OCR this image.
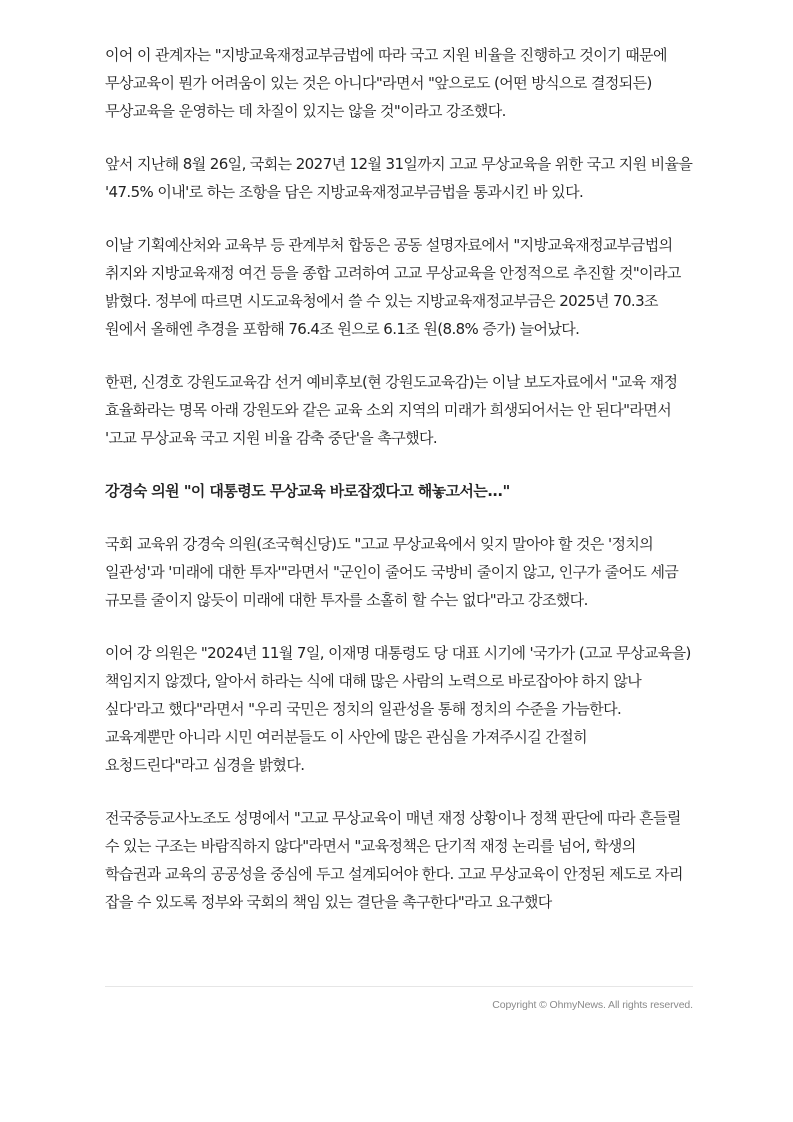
이어 이 관계자는 "지방교육재정교부금법에 따라 국고 지원 비율을 진행하고 것이기 때문에 무상교육이 뭔가 어려움이 있는 것은 아니다"라면서 "앞으로도 (어떤 방식으로 결정되든) 무상교육을 운영하는 데 차질이 있지는 않을 것"이라고 강조했다.

앞서 지난해 8월 26일, 국회는 2027년 12월 31일까지 고교 무상교육을 위한 국고 지원 비율을 '47.5% 이내'로 하는 조항을 담은 지방교육재정교부금법을 통과시킨 바 있다.

이날 기획예산처와 교육부 등 관계부처 합동은 공동 설명자료에서 "지방교육재정교부금법의 취지와 지방교육재정 여건 등을 종합 고려하여 고교 무상교육을 안정적으로 추진할 것"이라고 밝혔다. 정부에 따르면 시도교육청에서 쓸 수 있는 지방교육재정교부금은 2025년 70.3조 원에서 올해엔 추경을 포함해 76.4조 원으로 6.1조 원(8.8% 증가) 늘어났다.

한편, 신경호 강원도교육감 선거 예비후보(현 강원도교육감)는 이날 보도자료에서 "교육 재정 효율화라는 명목 아래 강원도와 같은 교육 소외 지역의 미래가 희생되어서는 안 된다"라면서 '고교 무상교육 국고 지원 비율 감축 중단'을 촉구했다.

강경숙 의원 "이 대통령도 무상교육 바로잡겠다고 해놓고서는..."

국회 교육위 강경숙 의원(조국혁신당)도 "고교 무상교육에서 잊지 말아야 할 것은 '정치의 일관성'과 '미래에 대한 투자'"라면서 "군인이 줄어도 국방비 줄이지 않고, 인구가 줄어도 세금 규모를 줄이지 않듯이 미래에 대한 투자를 소홀히 할 수는 없다"라고 강조했다.

이어 강 의원은 "2024년 11월 7일, 이재명 대통령도 당 대표 시기에 '국가가 (고교 무상교육을) 책임지지 않겠다, 알아서 하라는 식에 대해 많은 사람의 노력으로 바로잡아야 하지 않나 싶다'라고 했다"라면서 "우리 국민은 정치의 일관성을 통해 정치의 수준을 가늠한다. 교육계뿐만 아니라 시민 여러분들도 이 사안에 많은 관심을 가져주시길 간절히 요청드린다"라고 심경을 밝혔다.

전국중등교사노조도 성명에서 "고교 무상교육이 매년 재정 상황이나 정책 판단에 따라 흔들릴 수 있는 구조는 바람직하지 않다"라면서 "교육정책은 단기적 재정 논리를 넘어, 학생의 학습권과 교육의 공공성을 중심에 두고 설계되어야 한다. 고교 무상교육이 안정된 제도로 자리 잡을 수 있도록 정부와 국회의 책임 있는 결단을 촉구한다"라고 요구했다

Copyright © OhmyNews. All rights reserved.
